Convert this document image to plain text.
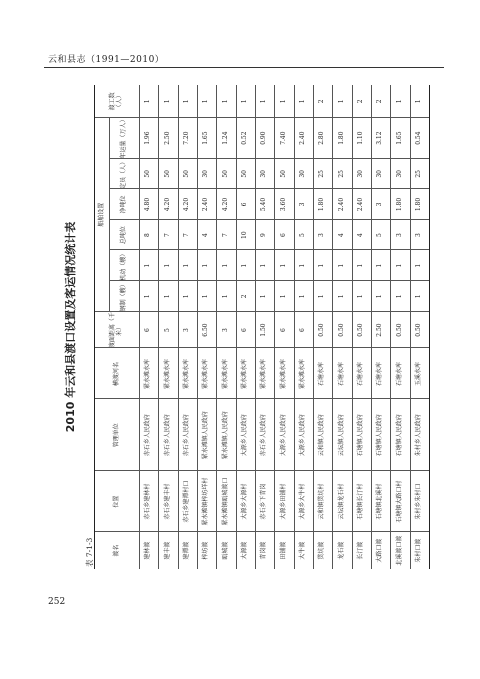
云和县志（1991—2010）
2010 年云和县渡口设置及客运情况统计表
表 7-1-3	渡名
位置
管理单位
横渡河名
渡面距离（千米）
钢制（艘）
机动（艘）
总吨位
净吨位
定员（人）
年运量（万人）
渡工数（人）
船舶设置
建林渡
赤石乡建林村
赤石乡人民政府
紧水滩水库
6
1
1
8
4.80
50
1.96
1
建丰渡
赤石乡建丰村
赤石乡人民政府
紧水滩水库
5
1
1
7
4.20
50
2.50
1
建潭渡
赤石乡建潭村口
赤石乡人民政府
紧水滩水库
3
1
1
7
4.20
50
7.20
1
梓坊渡
紧水滩镇梓坊垟村
紧水滩镇人民政府
紧水滩水库
6.50
1
1
4
2.40
30
1.65
1
瓯城渡
紧水滩镇瓯城渡口
紧水滩镇人民政府
紧水滩水库
3
1
1
7
4.20
50
1.24
1
大源渡
大源乡大源村
大源乡人民政府
紧水滩水库
6
2
1
10
6
50
0.52
1
青岗渡
赤石乡下青岗
赤石乡人民政府
紧水滩水库
1.50
1
1
9
5.40
30
0.90
1
田铺渡
大源乡田铺村
大源乡人民政府
紧水滩水库
6
1
1
6
3.60
50
7.40
1
大牛渡
大源乡大牛村
大源乡人民政府
紧水滩水库
6
1
1
5
3
30
2.40
1
贯坑渡
云和镇贯坑村
云和镇人民政府
石塘水库
0.50
1
1
3
1.80
25
2.80
2
龙石渡
云坛镇龙石村
云坛镇人民政府
石塘水库
0.50
1
1
4
2.40
25
1.80
1
长汀渡
石塘镇长汀村
石塘镇人民政府
石塘水库
0.50
1
1
4
2.40
30
1.10
2
大路口渡
石塘镇北溪村
石塘镇人民政府
石塘水库
2.50
1
1
5
3
30
3.12
2
北溪渡口渡
石塘镇大路口村
石塘镇人民政府
石塘水库
0.50
1
1
3
1.80
30
1.65
1
朱村口渡
朱村乡朱村口
朱村乡人民政府
玉溪水库
0.50
1
1
3
1.80
25
0.54
1
252
